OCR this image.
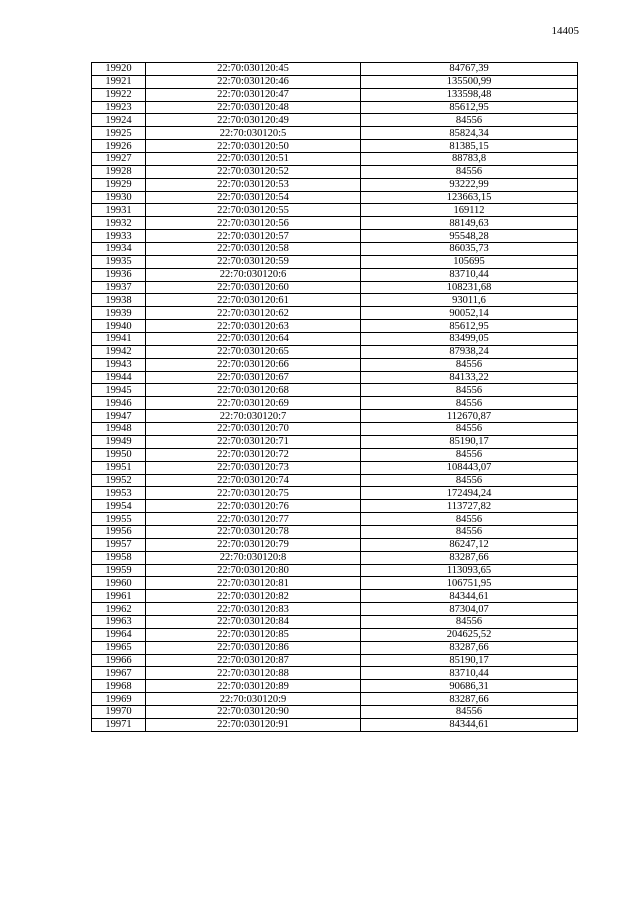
14405
19920	22:70:030120:45	84767,39
19921	22:70:030120:46	135500,99
19922	22:70:030120:47	133598,48
19923	22:70:030120:48	85612,95
19924	22:70:030120:49	84556
19925	22:70:030120:5	85824,34
19926	22:70:030120:50	81385,15
19927	22:70:030120:51	88783,8
19928	22:70:030120:52	84556
19929	22:70:030120:53	93222,99
19930	22:70:030120:54	123663,15
19931	22:70:030120:55	169112
19932	22:70:030120:56	88149,63
19933	22:70:030120:57	95548,28
19934	22:70:030120:58	86035,73
19935	22:70:030120:59	105695
19936	22:70:030120:6	83710,44
19937	22:70:030120:60	108231,68
19938	22:70:030120:61	93011,6
19939	22:70:030120:62	90052,14
19940	22:70:030120:63	85612,95
19941	22:70:030120:64	83499,05
19942	22:70:030120:65	87938,24
19943	22:70:030120:66	84556
19944	22:70:030120:67	84133,22
19945	22:70:030120:68	84556
19946	22:70:030120:69	84556
19947	22:70:030120:7	112670,87
19948	22:70:030120:70	84556
19949	22:70:030120:71	85190,17
19950	22:70:030120:72	84556
19951	22:70:030120:73	108443,07
19952	22:70:030120:74	84556
19953	22:70:030120:75	172494,24
19954	22:70:030120:76	113727,82
19955	22:70:030120:77	84556
19956	22:70:030120:78	84556
19957	22:70:030120:79	86247,12
19958	22:70:030120:8	83287,66
19959	22:70:030120:80	113093,65
19960	22:70:030120:81	106751,95
19961	22:70:030120:82	84344,61
19962	22:70:030120:83	87304,07
19963	22:70:030120:84	84556
19964	22:70:030120:85	204625,52
19965	22:70:030120:86	83287,66
19966	22:70:030120:87	85190,17
19967	22:70:030120:88	83710,44
19968	22:70:030120:89	90686,31
19969	22:70:030120:9	83287,66
19970	22:70:030120:90	84556
19971	22:70:030120:91	84344,61
